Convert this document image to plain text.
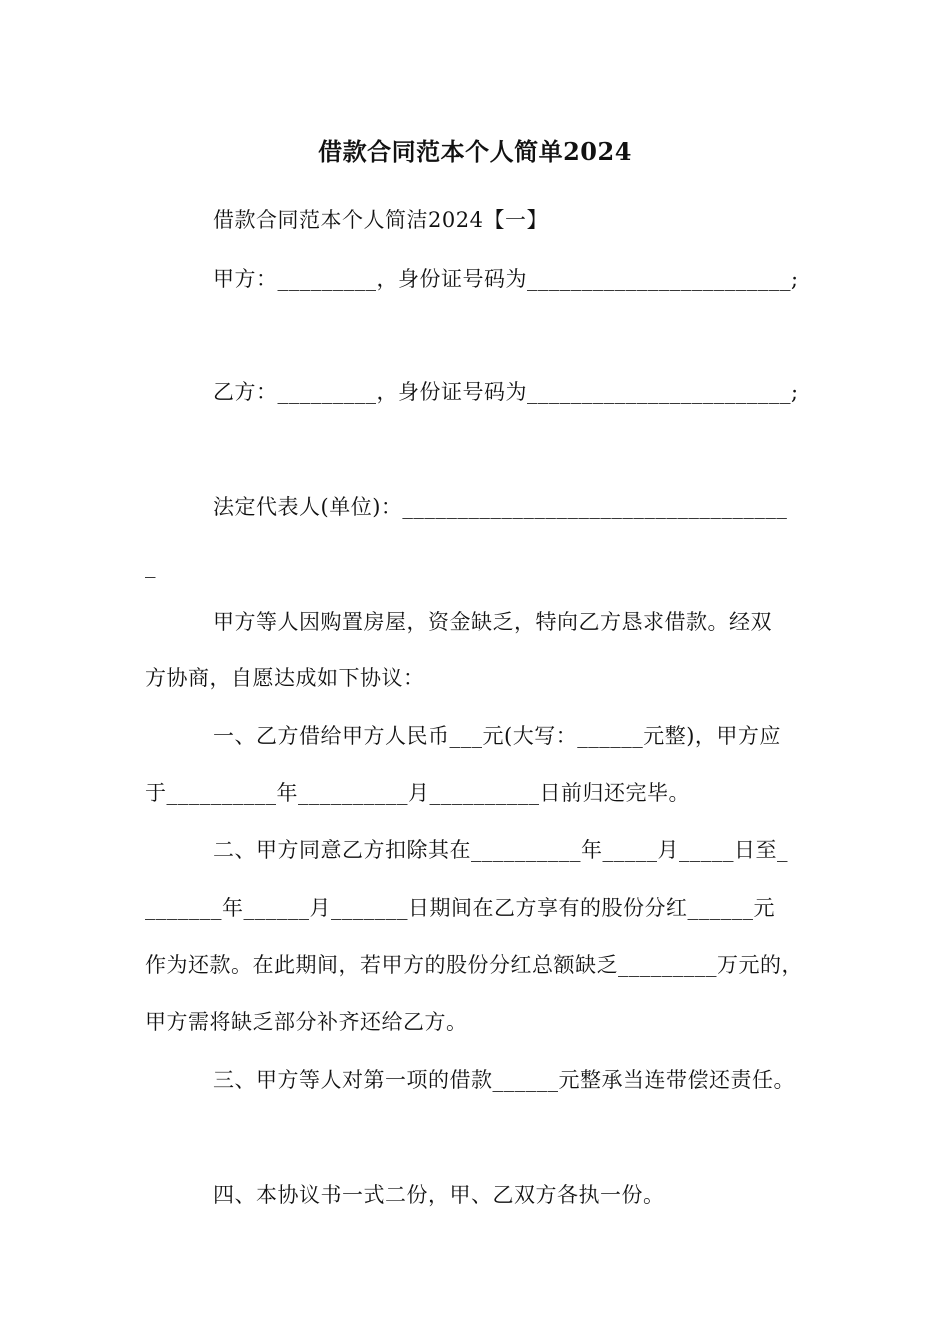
借款合同范本个人简单2024
借款合同范本个人简洁2024【一】
甲方：_________，身份证号码为________________________;
乙方：_________，身份证号码为________________________;
法定代表人(单位)：___________________________________
_
甲方等人因购置房屋，资金缺乏，特向乙方恳求借款。经双
方协商，自愿达成如下协议：
一、乙方借给甲方人民币___元(大写：______元整)，甲方应
于__________年__________月__________日前归还完毕。
二、甲方同意乙方扣除其在__________年_____月_____日至_
_______年______月_______日期间在乙方享有的股份分红______元
作为还款。在此期间，若甲方的股份分红总额缺乏_________万元的，
甲方需将缺乏部分补齐还给乙方。
三、甲方等人对第一项的借款______元整承当连带偿还责任。
四、本协议书一式二份，甲、乙双方各执一份。
